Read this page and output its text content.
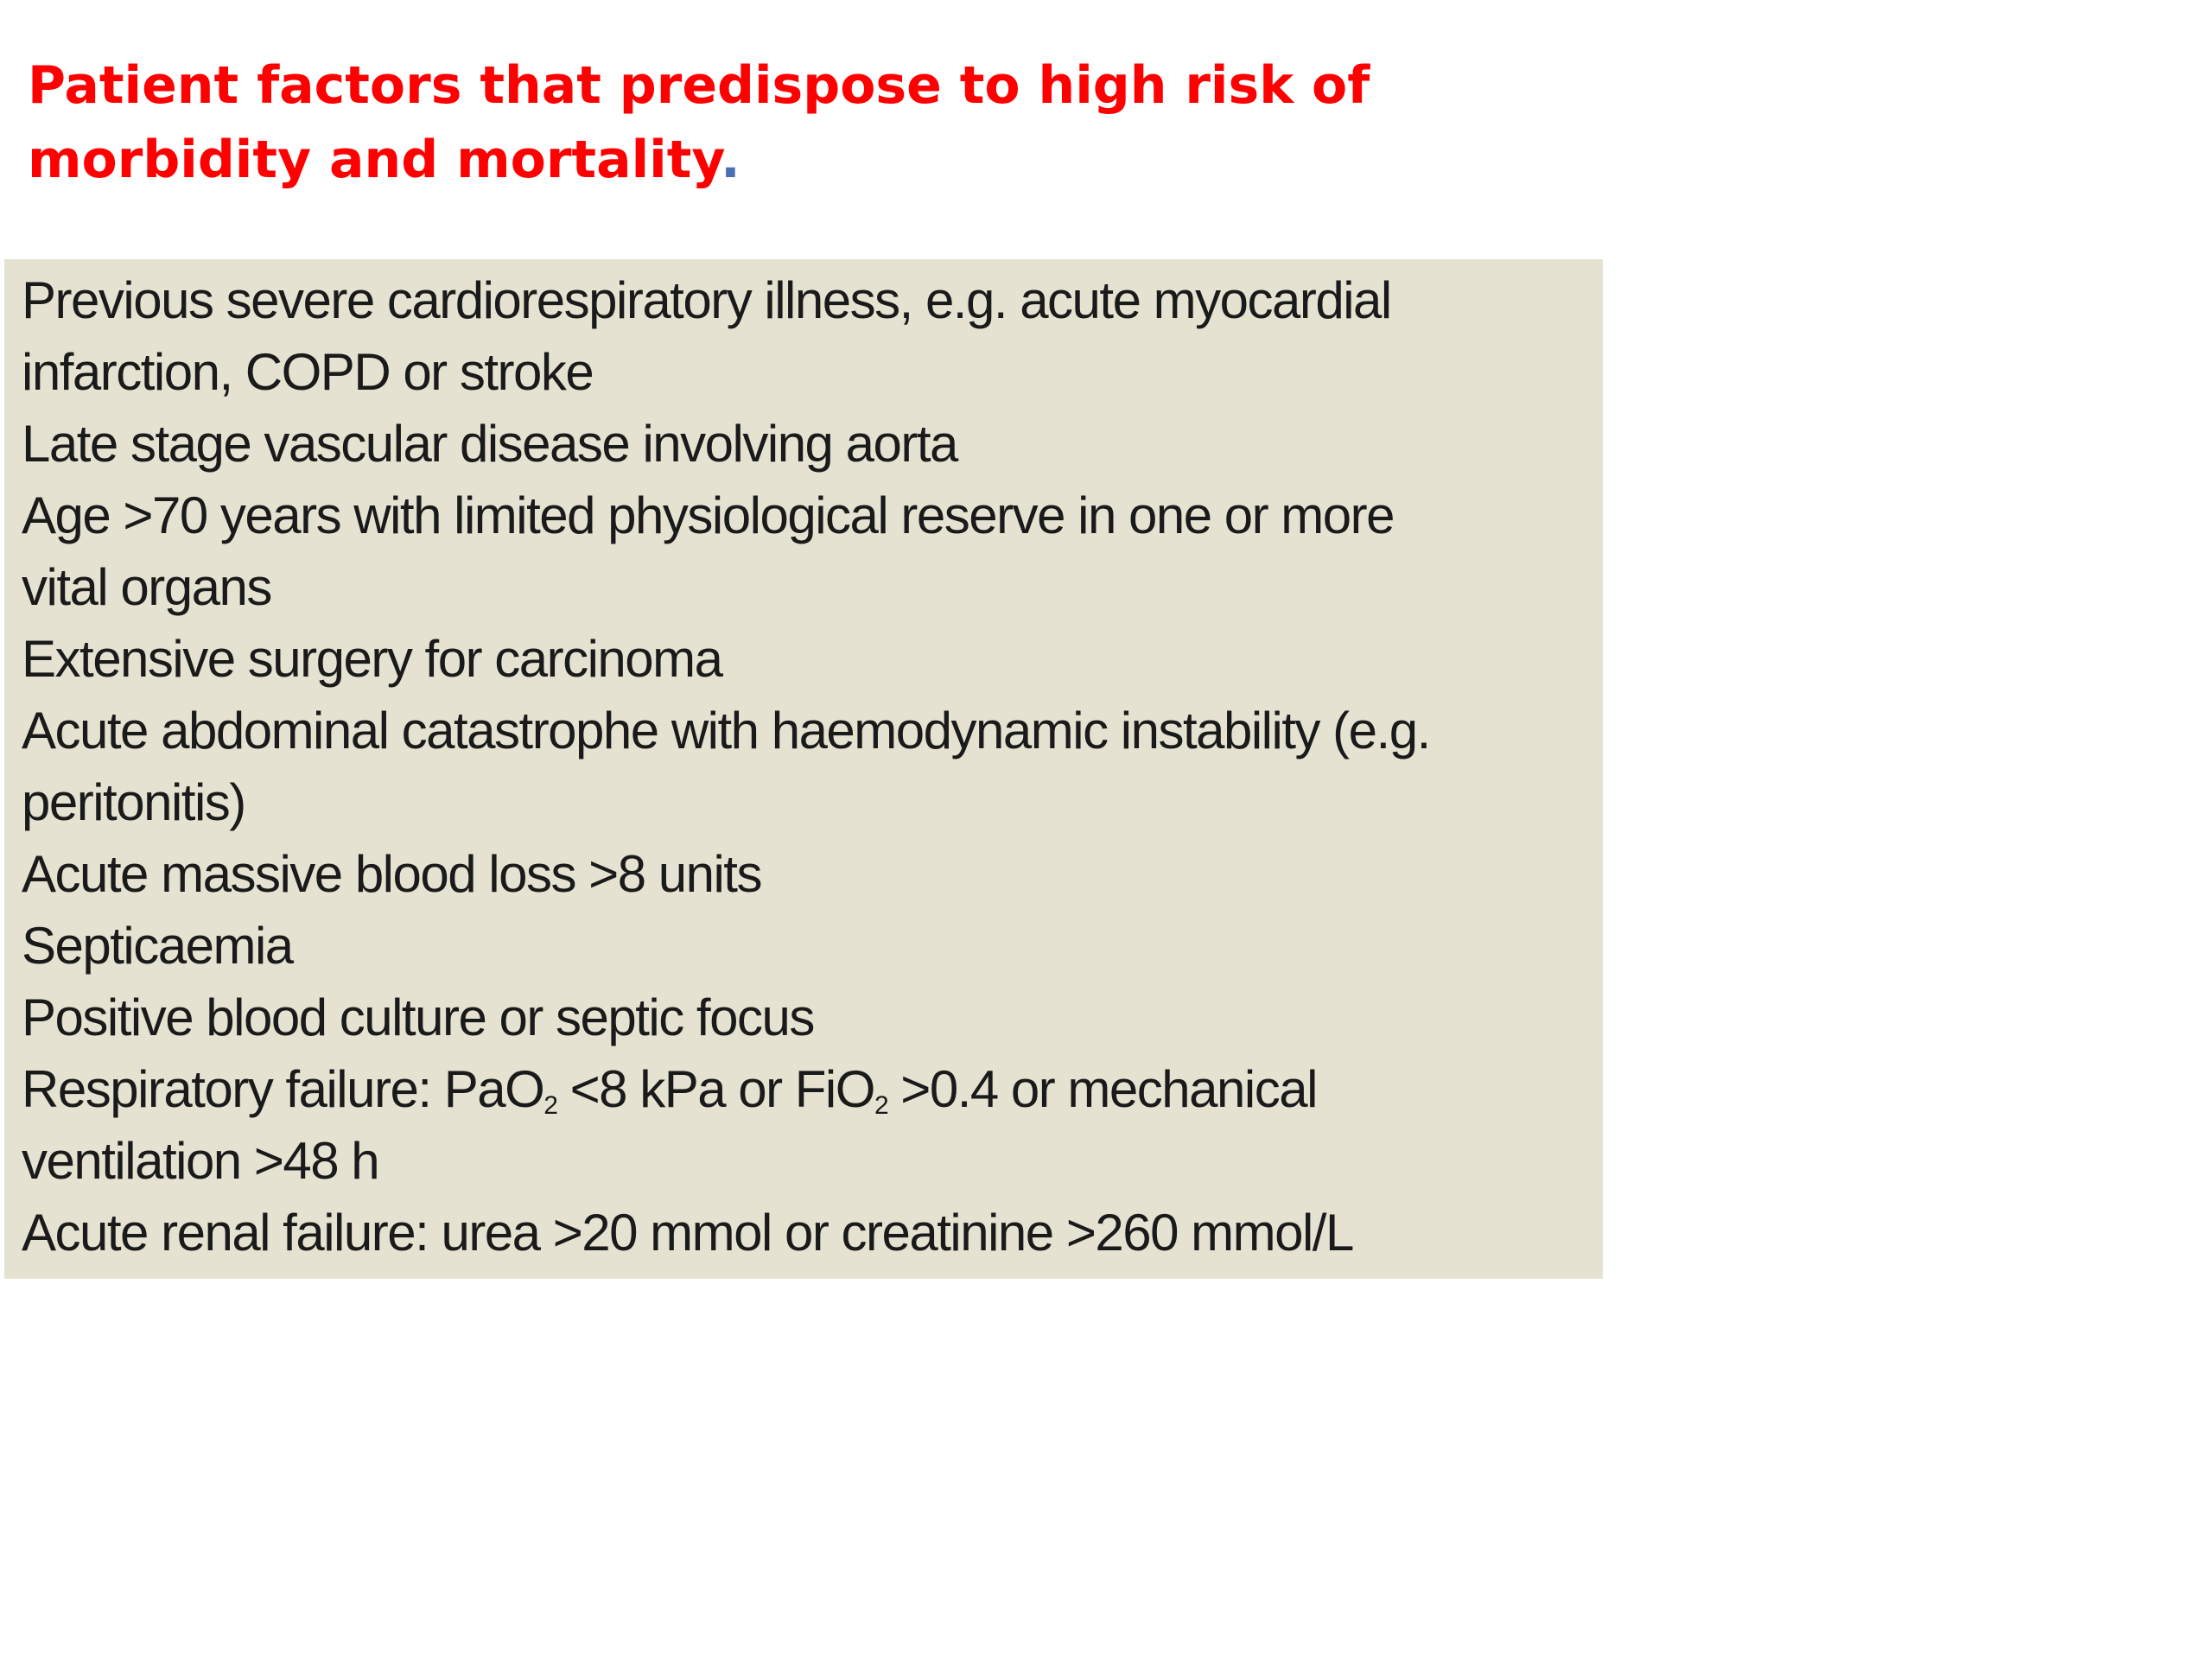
Patient factors that predispose to high risk of morbidity and mortality.

Previous severe cardiorespiratory illness, e.g. acute myocardial

infarction, COPD or stroke

Late stage vascular disease involving aorta

Age >70 years with limited physiological reserve in one or more

vital organs

Extensive surgery for carcinoma

Acute abdominal catastrophe with haemodynamic instability (e.g.

peritonitis)

Acute massive blood loss >8 units

Septicaemia

Positive blood culture or septic focus

Respiratory failure: PaO$_2$ <8 kPa or FiO$_2$ >0.4 or mechanical

ventilation >48 h

Acute renal failure: urea >20 mmol or creatinine >260 mmol/L
